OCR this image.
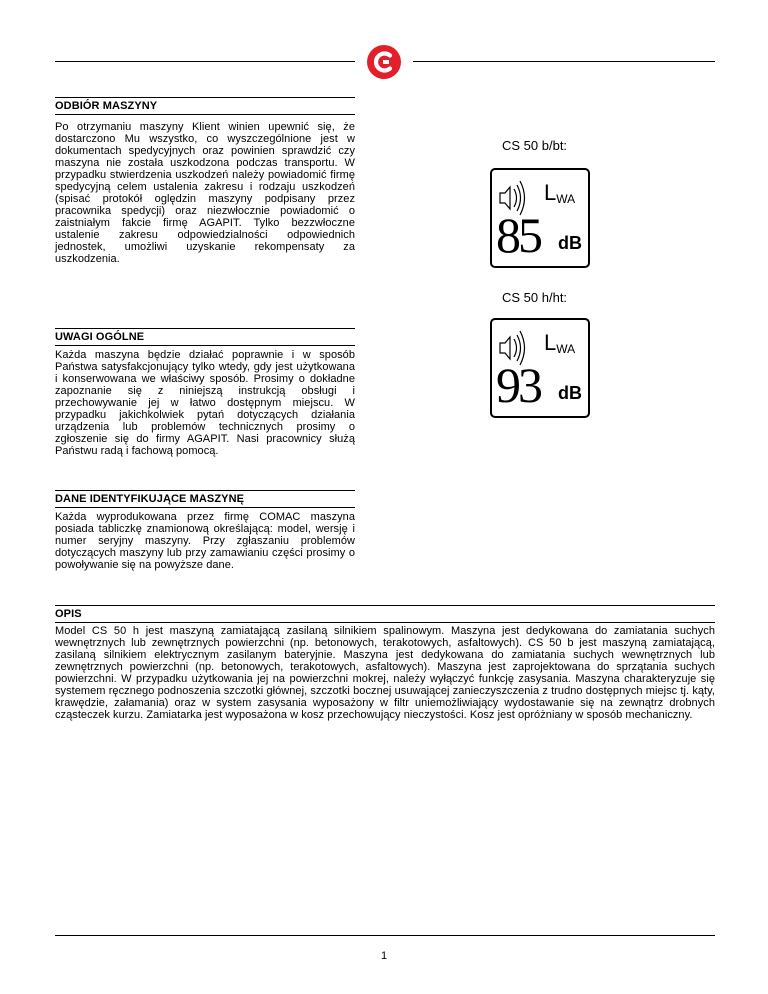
ODBIÓR MASZYNY
Po otrzymaniu maszyny Klient winien upewnić się, że dostarczono Mu wszystko, co wyszczególnione jest w dokumentach spedycyjnych oraz powinien sprawdzić czy maszyna nie została uszkodzona podczas transportu. W przypadku stwierdzenia uszkodzeń należy powiadomić firmę spedycyjną celem ustalenia zakresu i rodzaju uszkodzeń (spisać protokół oględzin maszyny podpisany przez pracownika spedycji) oraz niezwłocznie powiadomić o zaistniałym fakcie firmę AGAPIT. Tylko bezzwłoczne ustalenie zakresu odpowiedzialności odpowiednich jednostek, umożliwi uzyskanie rekompensaty za uszkodzenia.
UWAGI OGÓLNE
Każda maszyna będzie działać poprawnie i w sposób Państwa satysfakcjonujący tylko wtedy, gdy jest użytkowana i konserwowana we właściwy sposób. Prosimy o dokładne zapoznanie się z niniejszą instrukcją obsługi i przechowywanie jej w łatwo dostępnym miejscu. W przypadku jakichkolwiek pytań dotyczących działania urządzenia lub problemów technicznych prosimy o zgłoszenie się do firmy AGAPIT. Nasi pracownicy służą Państwu radą i fachową pomocą.
DANE IDENTYFIKUJĄCE MASZYNĘ
Każda wyprodukowana przez firmę COMAC maszyna posiada tabliczkę znamionową określającą: model, wersję i numer seryjny maszyny. Przy zgłaszaniu problemów dotyczących maszyny lub przy zamawianiu części prosimy o powoływanie się na powyższe dane.
CS 50 b/bt:
$L_{WA}$
85 dB
CS 50 h/ht:
$L_{WA}$
93 dB
OPIS
Model CS 50 h jest maszyną zamiatającą zasilaną silnikiem spalinowym. Maszyna jest dedykowana do zamiatania suchych wewnętrznych lub zewnętrznych powierzchni (np. betonowych, terakotowych, asfaltowych). CS 50 b jest maszyną zamiatającą, zasilaną silnikiem elektrycznym zasilanym bateryjnie. Maszyna jest dedykowana do zamiatania suchych wewnętrznych lub zewnętrznych powierzchni (np. betonowych, terakotowych, asfaltowych). Maszyna jest zaprojektowana do sprzątania suchych powierzchni. W przypadku użytkowania jej na powierzchni mokrej, należy wyłączyć funkcję zasysania. Maszyna charakteryzuje się systemem ręcznego podnoszenia szczotki głównej, szczotki bocznej usuwającej zanieczyszczenia z trudno dostępnych miejsc tj. kąty, krawędzie, załamania) oraz w system zasysania wyposażony w filtr uniemożliwiający wydostawanie się na zewnątrz drobnych cząsteczek kurzu. Zamiatarka jest wyposażona w kosz przechowujący nieczystości. Kosz jest opróżniany w sposób mechaniczny.
1
